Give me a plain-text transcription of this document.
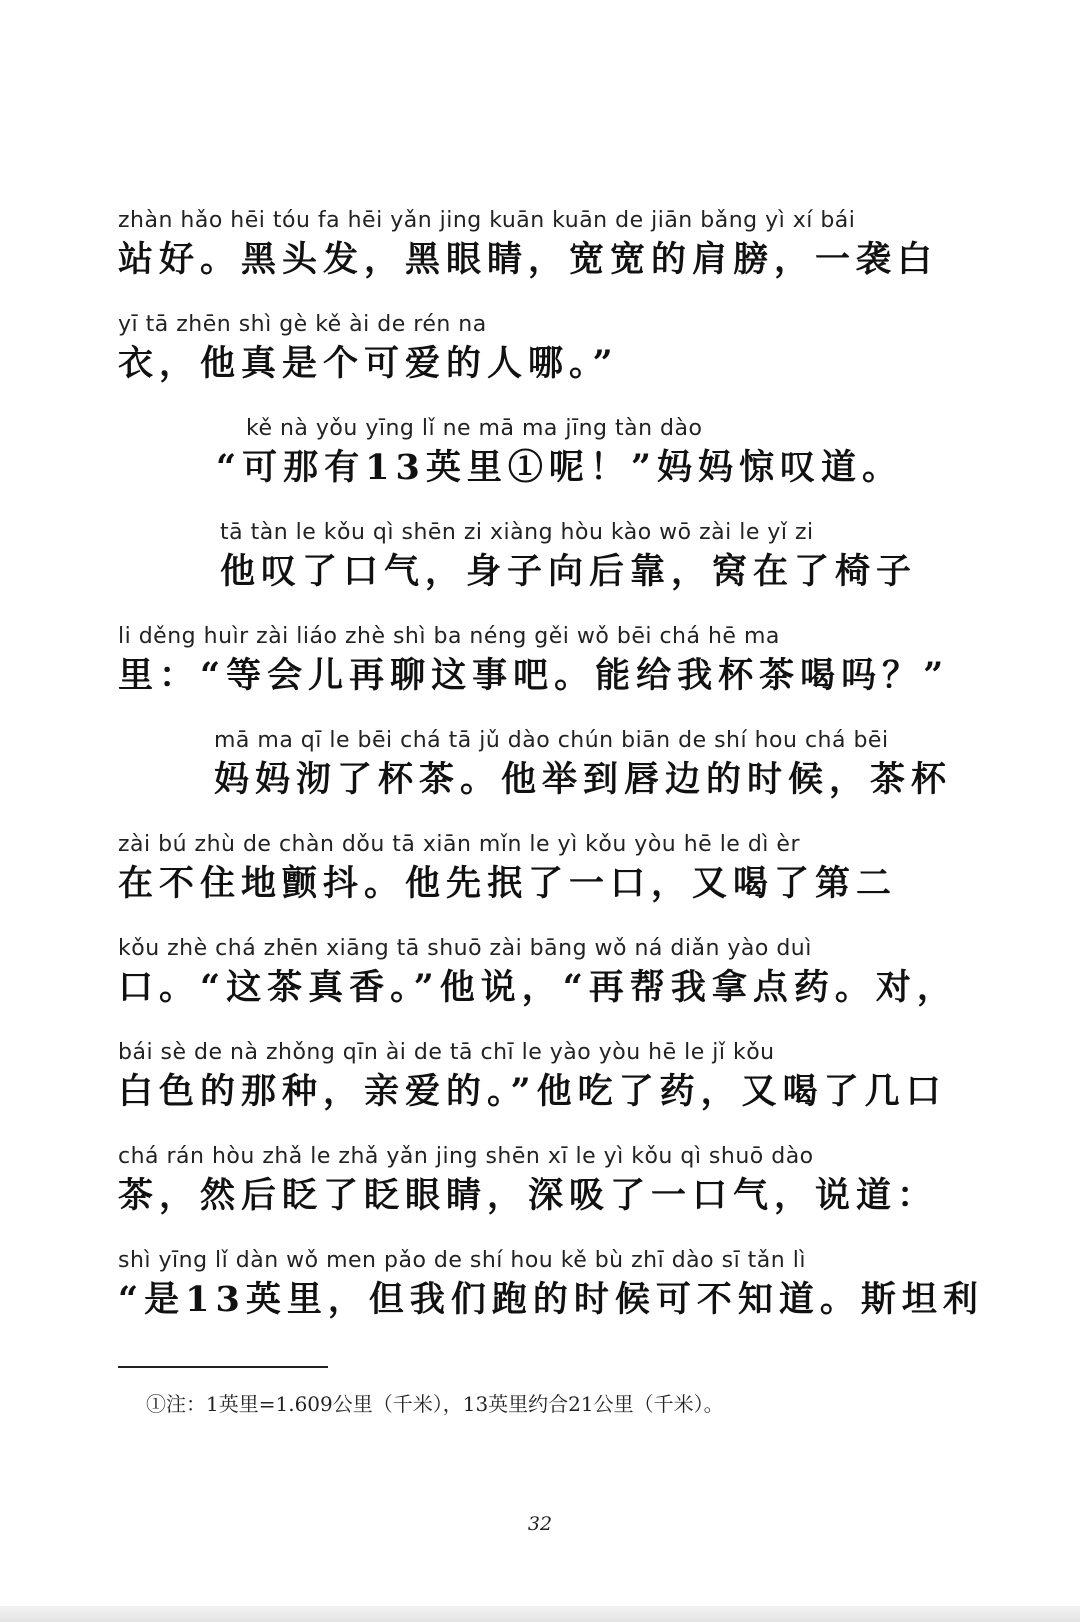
zhàn hǎo hēi tóu fa hēi yǎn jing kuān kuān de jiān bǎng yì xí bái
站好。黑头发，黑眼睛，宽宽的肩膀，一袭白
yī tā zhēn shì gè kě ài de rén na
衣，他真是个可爱的人哪。”
kě nà yǒu yīng lǐ ne mā ma jīng tàn dào
“可那有13英里①呢！”妈妈惊叹道。
tā tàn le kǒu qì shēn zi xiàng hòu kào wō zài le yǐ zi
他叹了口气，身子向后靠，窝在了椅子
li děng huìr zài liáo zhè shì ba néng gěi wǒ bēi chá hē ma
里：“等会儿再聊这事吧。能给我杯茶喝吗？”
mā ma qī le bēi chá tā jǔ dào chún biān de shí hou chá bēi
妈妈沏了杯茶。他举到唇边的时候，茶杯
zài bú zhù de chàn dǒu tā xiān mǐn le yì kǒu yòu hē le dì èr
在不住地颤抖。他先抿了一口，又喝了第二
kǒu zhè chá zhēn xiāng tā shuō zài bāng wǒ ná diǎn yào duì
口。“这茶真香。”他说，“再帮我拿点药。对，
bái sè de nà zhǒng qīn ài de tā chī le yào yòu hē le jǐ kǒu
白色的那种，亲爱的。”他吃了药，又喝了几口
chá rán hòu zhǎ le zhǎ yǎn jing shēn xī le yì kǒu qì shuō dào
茶，然后眨了眨眼睛，深吸了一口气，说道：
shì yīng lǐ dàn wǒ men pǎo de shí hou kě bù zhī dào sī tǎn lì
“是13英里，但我们跑的时候可不知道。斯坦利
①注：1英里=1.609公里（千米），13英里约合21公里（千米）。
32
